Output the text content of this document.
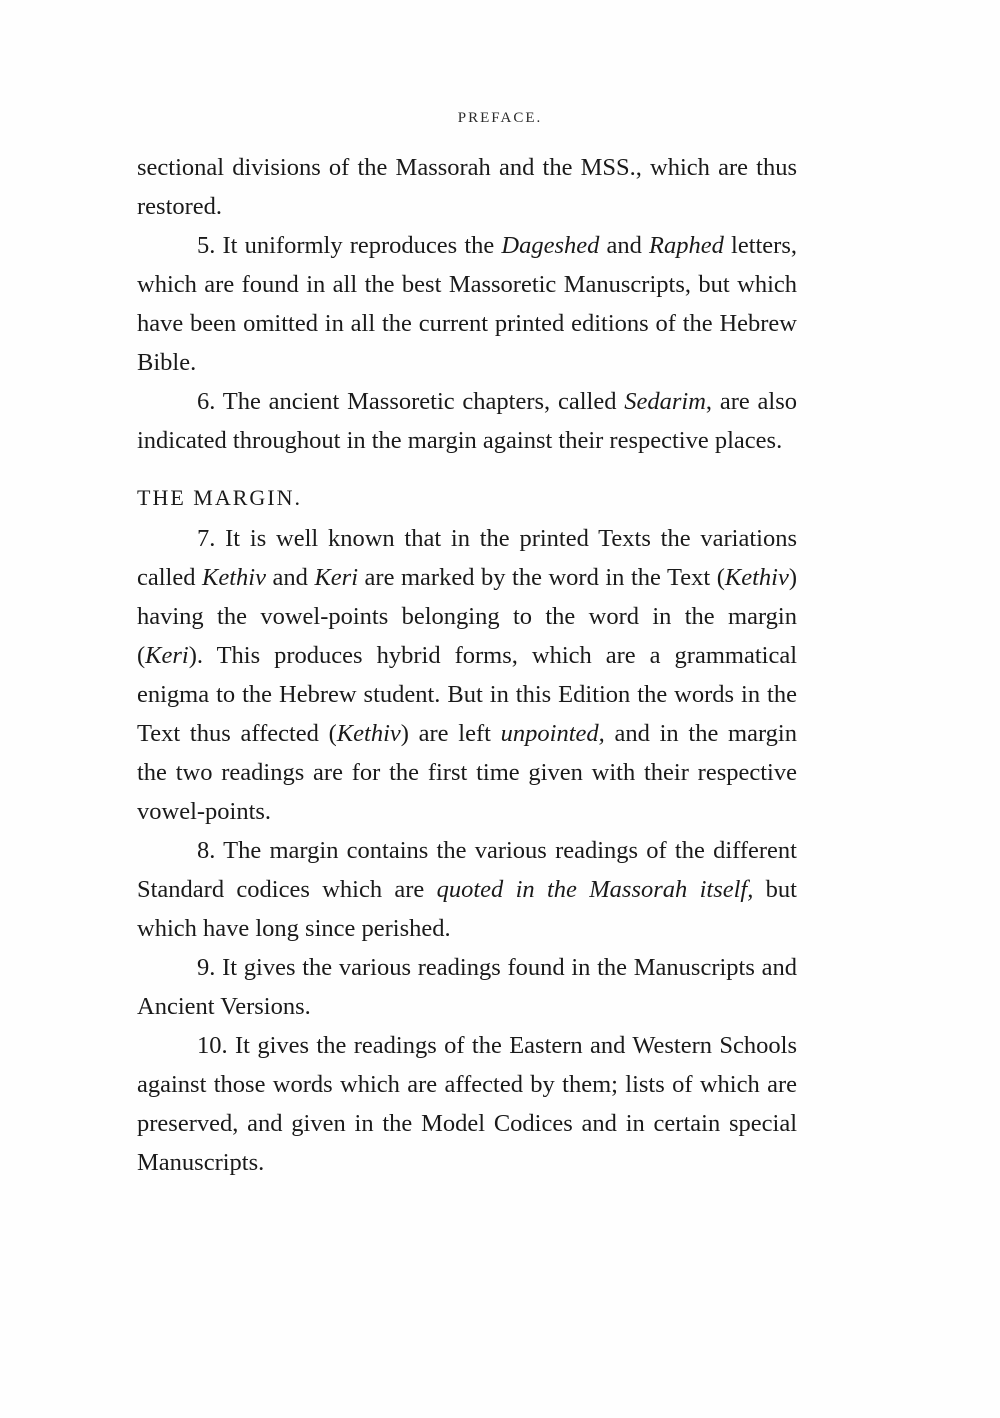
PREFACE.

sectional divisions of the Massorah and the MSS., which are thus restored.

5. It uniformly reproduces the Dageshed and Raphed letters, which are found in all the best Massoretic Manuscripts, but which have been omitted in all the current printed editions of the Hebrew Bible.

6. The ancient Massoretic chapters, called Sedarim, are also indicated throughout in the margin against their respective places.

THE MARGIN.

7. It is well known that in the printed Texts the variations called Kethiv and Keri are marked by the word in the Text (Kethiv) having the vowel-points belonging to the word in the margin (Keri). This produces hybrid forms, which are a grammatical enigma to the Hebrew student. But in this Edition the words in the Text thus affected (Kethiv) are left unpointed, and in the margin the two readings are for the first time given with their respective vowel-points.

8. The margin contains the various readings of the different Standard codices which are quoted in the Massorah itself, but which have long since perished.

9. It gives the various readings found in the Manuscripts and Ancient Versions.

10. It gives the readings of the Eastern and Western Schools against those words which are affected by them; lists of which are preserved, and given in the Model Codices and in certain special Manuscripts.
